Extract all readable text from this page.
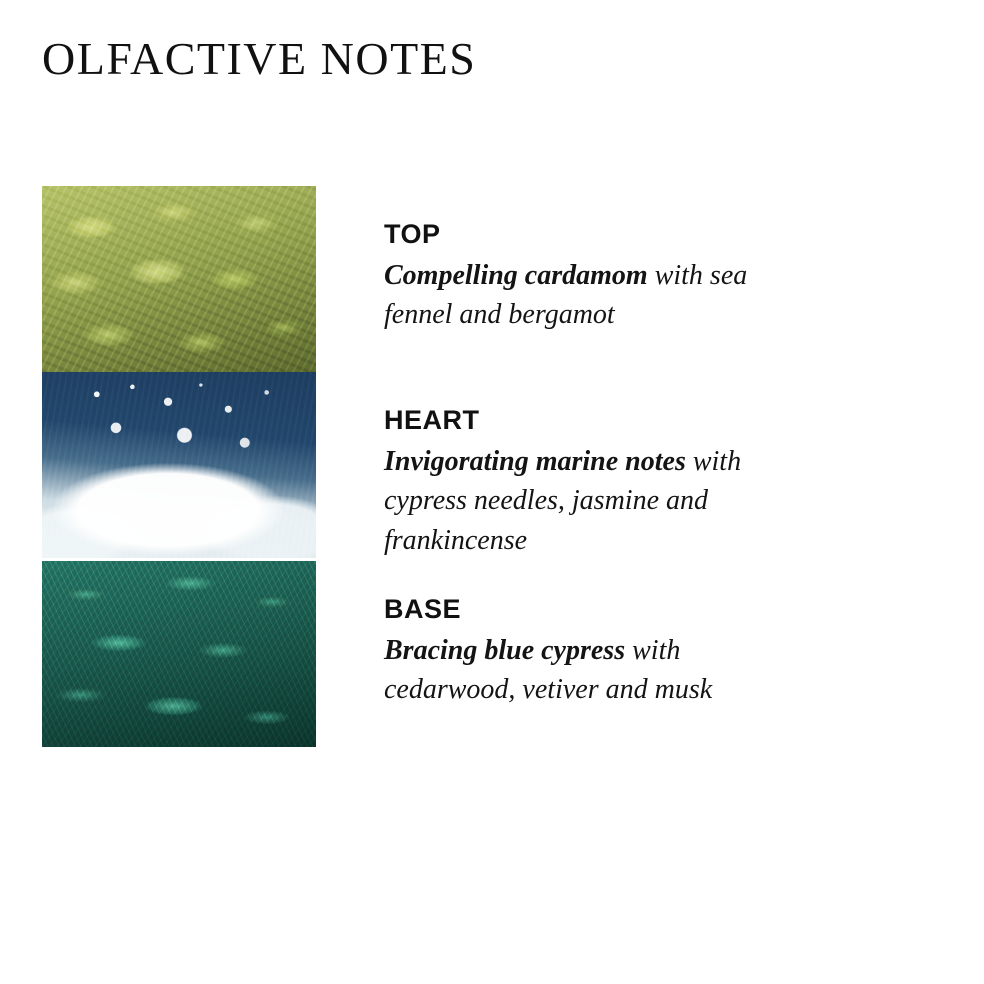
OLFACTIVE NOTES
TOP
Compelling cardamom with sea fennel and bergamot
HEART
Invigorating marine notes with cypress needles, jasmine and frankincense
BASE
Bracing blue cypress with cedarwood, vetiver and musk
